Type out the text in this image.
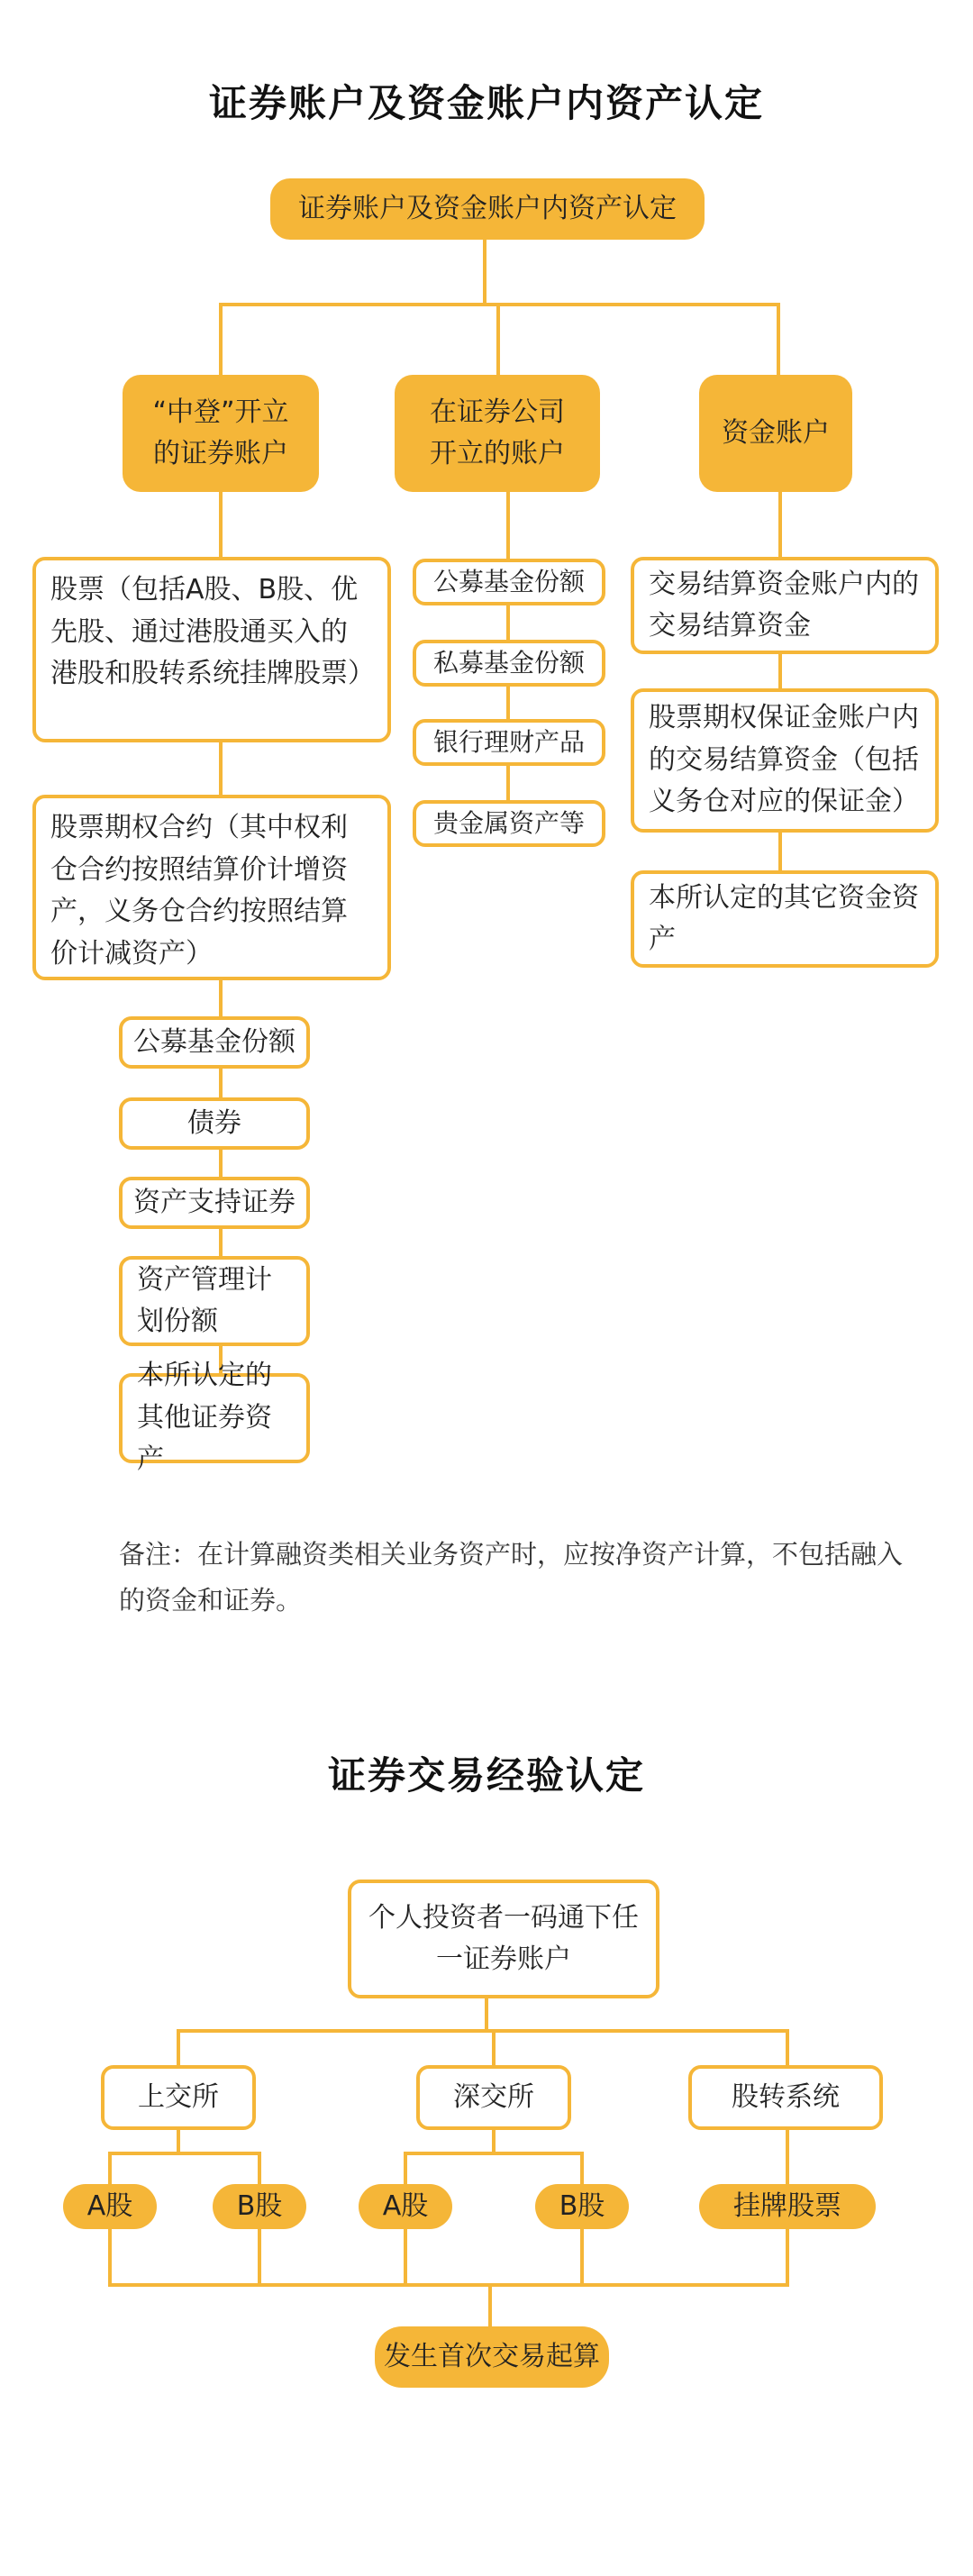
证券账户及资金账户内资产认定
证券账户及资金账户内资产认定
“中登”开立的证券账户
在证券公司开立的账户
资金账户
股票（包括A股、B股、优先股、通过港股通买入的港股和股转系统挂牌股票）
股票期权合约（其中权利仓合约按照结算价计增资产，义务仓合约按照结算价计减资产）
公募基金份额
债券
资产支持证券
资产管理计划份额
本所认定的其他证券资产
公募基金份额
私募基金份额
银行理财产品
贵金属资产等
交易结算资金账户内的交易结算资金
股票期权保证金账户内的交易结算资金（包括义务仓对应的保证金）
本所认定的其它资金资产
备注：在计算融资类相关业务资产时，应按净资产计算，不包括融入的资金和证券。
证券交易经验认定
个人投资者一码通下任一证券账户
上交所	深交所	股转系统
A股	B股	A股	B股	挂牌股票
发生首次交易起算
